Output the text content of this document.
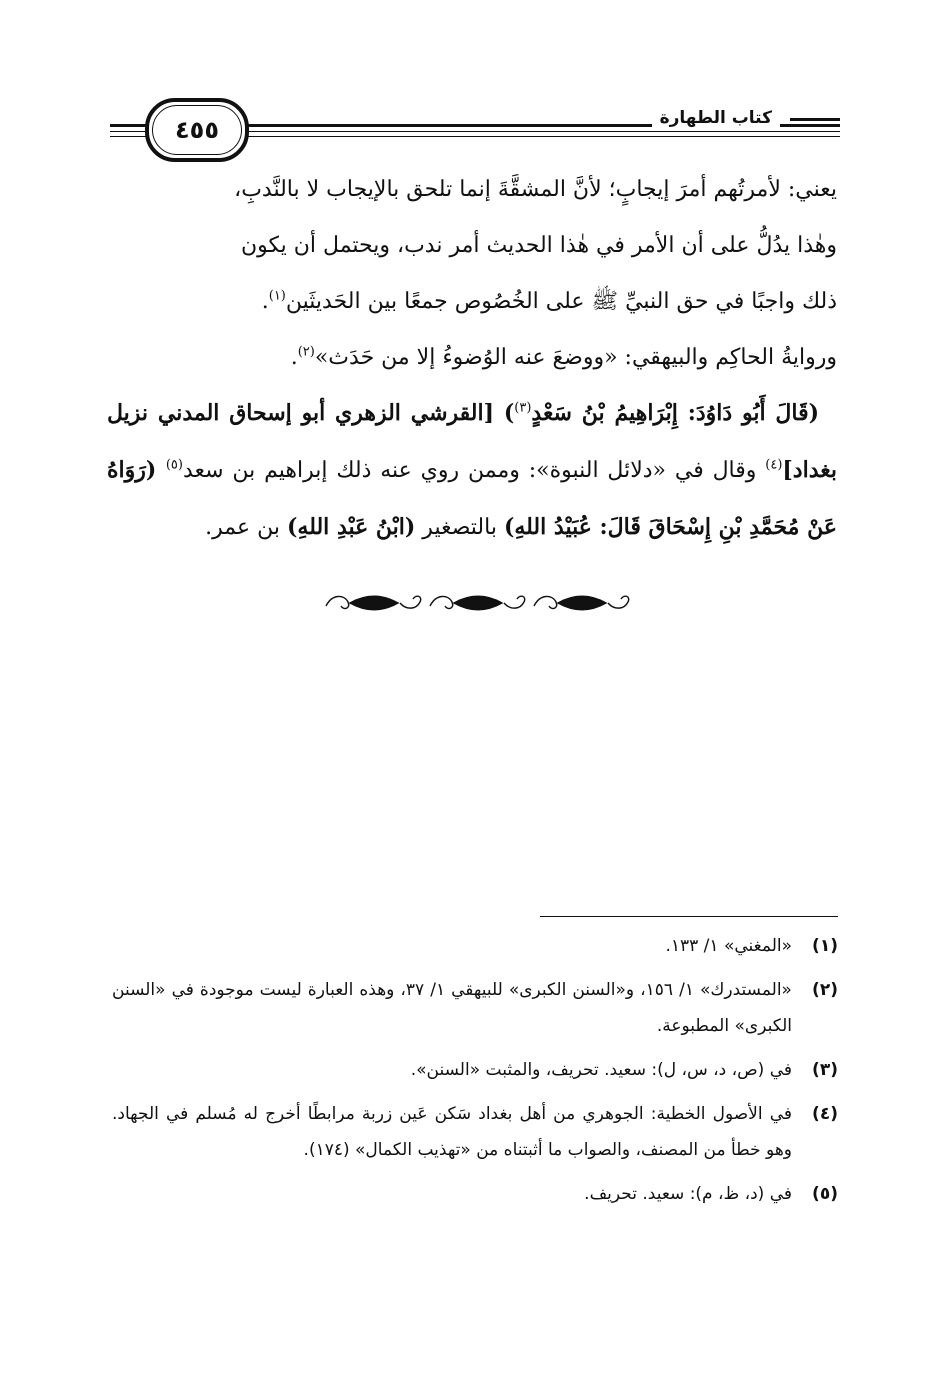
كتاب الطهارة
٤٥٥

يعني: لأمرتُهم أمرَ إيجابٍ؛ لأنَّ المشقَّةَ إنما تلحق بالإيجاب لا بالنَّدبِ،

وهٰذا يدُلُّ على أن الأمر في هٰذا الحديث أمر ندب، ويحتمل أن يكون

ذلك واجبًا في حق النبيِّ ﷺ على الخُصُوص جمعًا بين الحَديثَين$^{(١)}$.

وروايةُ الحاكِم والبيهقي: «ووضعَ عنه الوُضوءُ إلا من حَدَث»$^{(٢)}$.

(قَالَ أَبُو دَاوُدَ: إِبْرَاهِيمُ بْنُ سَعْدٍ$^{(٣)}$) [القرشي الزهري أبو إسحاق المدني نزيل بغداد]$^{(٤)}$ وقال في «دلائل النبوة»: وممن روي عنه ذلك إبراهيم بن سعد$^{(٥)}$ (رَوَاهُ عَنْ مُحَمَّدِ بْنِ إِسْحَاقَ قَالَ: عُبَيْدُ اللهِ) بالتصغير (ابْنُ عَبْدِ اللهِ) بن عمر.
(١)
«المغني» ١/ ١٣٣.
(٢)
«المستدرك» ١/ ١٥٦، و«السنن الكبرى» للبيهقي ١/ ٣٧، وهذه العبارة ليست موجودة في «السنن الكبرى» المطبوعة.
(٣)
في (ص، د، س، ل): سعيد. تحريف، والمثبت «السنن».
(٤)
في الأصول الخطية: الجوهري من أهل بغداد سَكن عَين زربة مرابطًا أخرج له مُسلم في الجهاد. وهو خطأ من المصنف، والصواب ما أثبتناه من «تهذيب الكمال» (١٧٤).
(٥)
في (د، ظ، م): سعيد. تحريف.
